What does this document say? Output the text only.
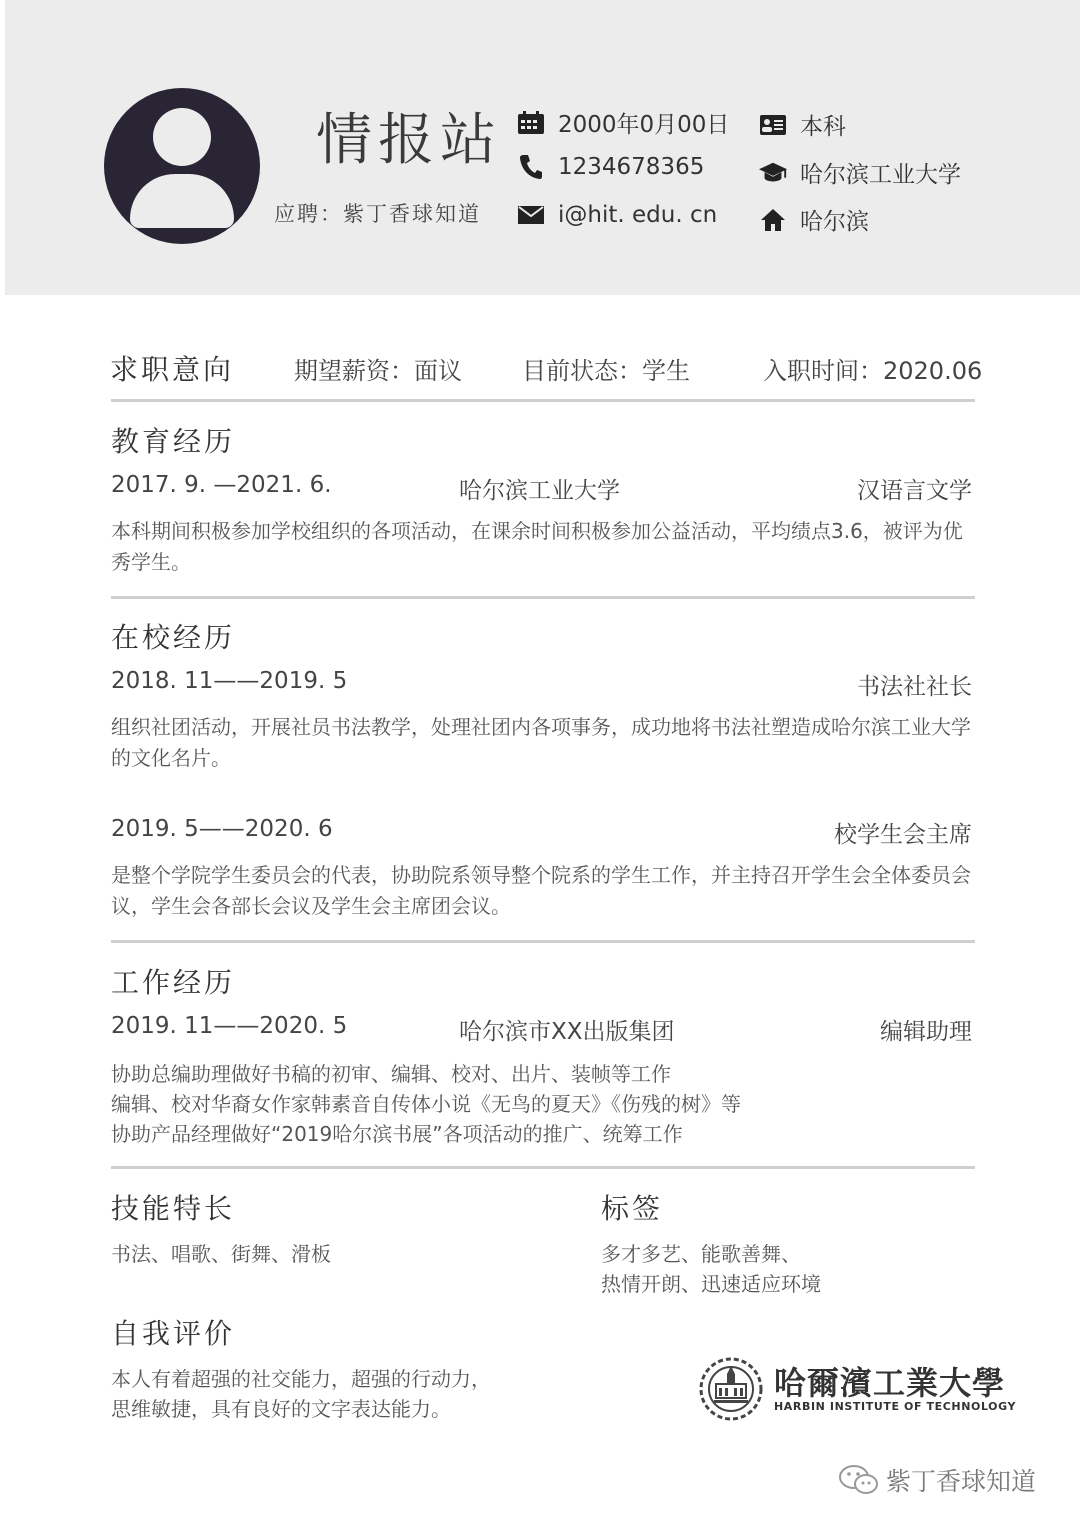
情报站
应聘：紫丁香球知道
2000年0月00日
1234678365
i@hit. edu. cn
本科
哈尔滨工业大学
哈尔滨
求职意向 期望薪资：面议	目前状态：学生	入职时间：2020.06
教育经历
2017. 9. —2021. 6.	哈尔滨工业大学	汉语言文学
本科期间积极参加学校组织的各项活动，在课余时间积极参加公益活动，平均绩点3.6，被评为优秀学生。
在校经历
2018. 11——2019. 5	书法社社长
组织社团活动，开展社员书法教学，处理社团内各项事务，成功地将书法社塑造成哈尔滨工业大学的文化名片。
2019. 5——2020. 6	校学生会主席
是整个学院学生委员会的代表，协助院系领导整个院系的学生工作，并主持召开学生会全体委员会议，学生会各部长会议及学生会主席团会议。
工作经历
2019. 11——2020. 5	哈尔滨市XX出版集团	编辑助理
协助总编助理做好书稿的初审、编辑、校对、出片、装帧等工作
编辑、校对华裔女作家韩素音自传体小说《无鸟的夏天》《伤残的树》等
协助产品经理做好“2019哈尔滨书展”各项活动的推广、统筹工作
技能特长
书法、唱歌、街舞、滑板
标签
多才多艺、能歌善舞、
热情开朗、迅速适应环境
自我评价
本人有着超强的社交能力，超强的行动力，
思维敏捷，具有良好的文字表达能力。
哈爾濱工業大學
HARBIN INSTITUTE OF TECHNOLOGY
紫丁香球知道
